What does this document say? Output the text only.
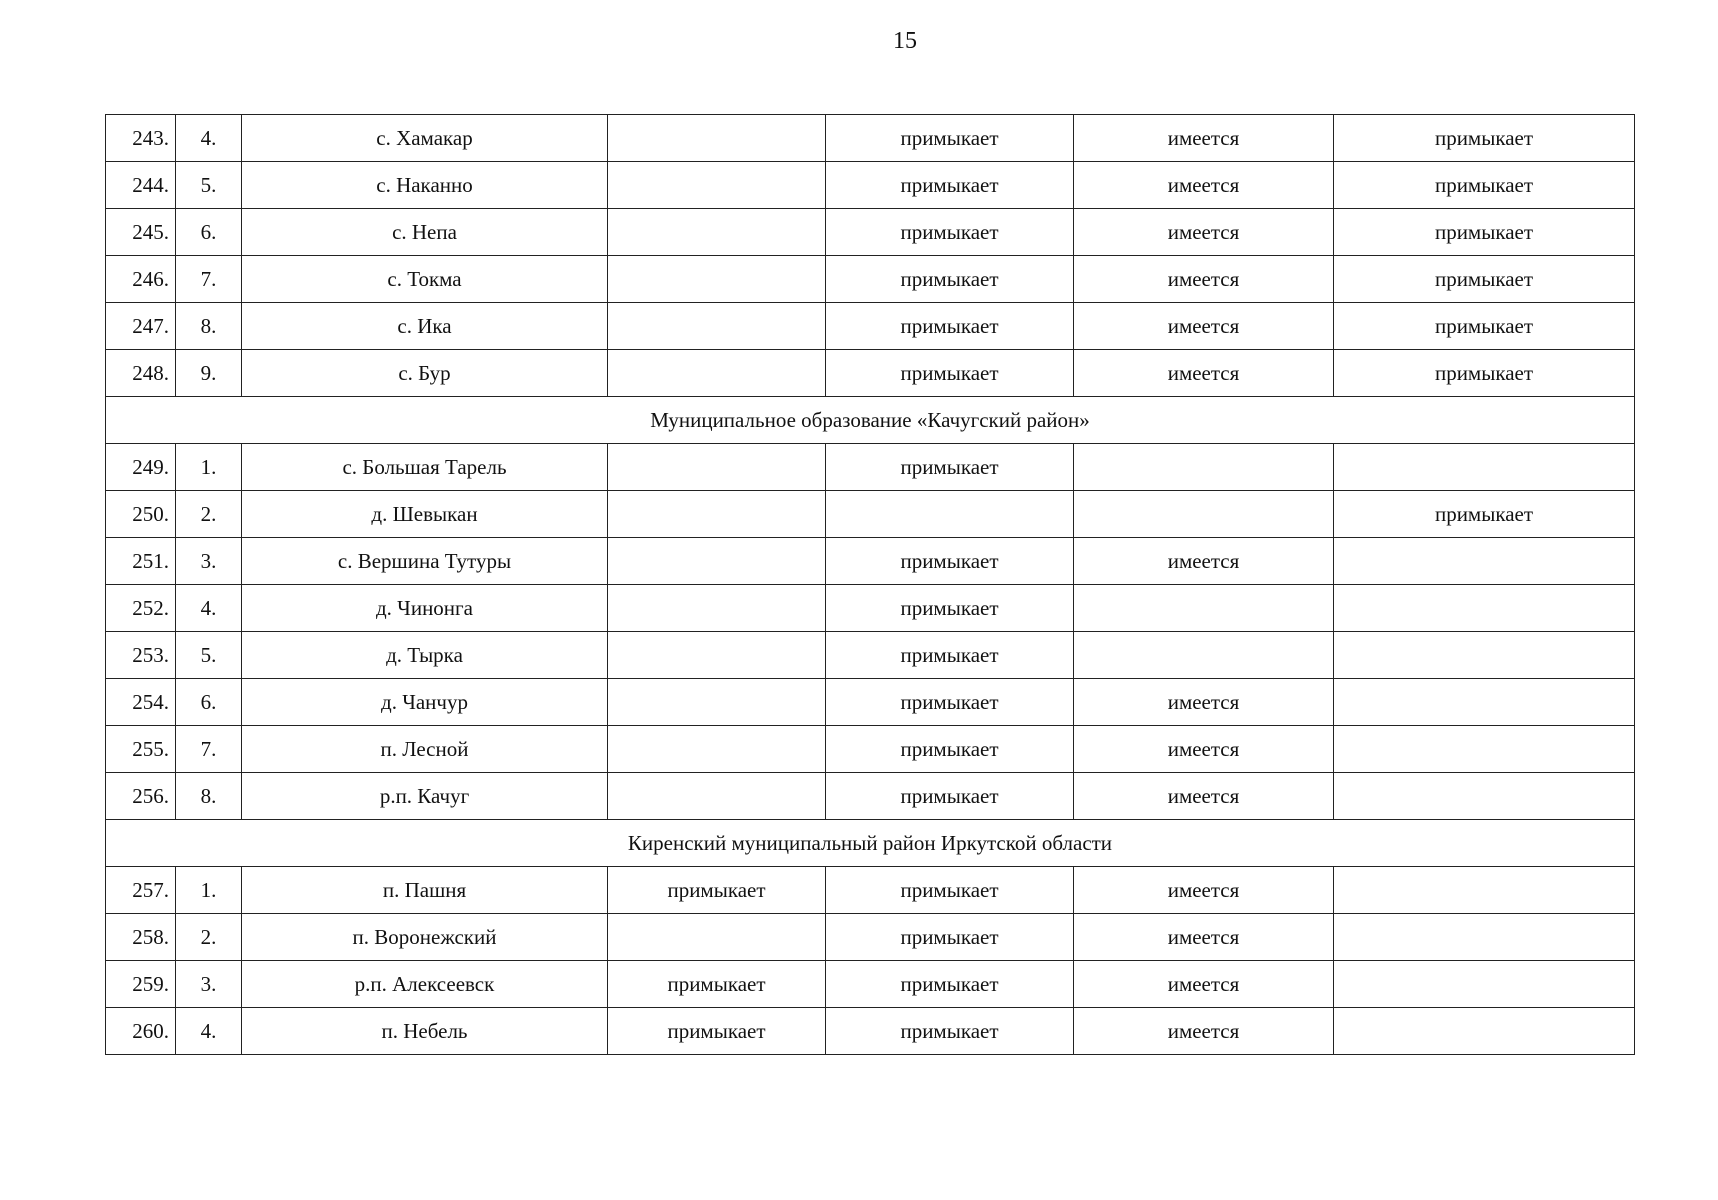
15
243.	4.	с. Хамакар		примыкает	имеется	примыкает
244.	5.	с. Наканно		примыкает	имеется	примыкает
245.	6.	с. Непа		примыкает	имеется	примыкает
246.	7.	с. Токма		примыкает	имеется	примыкает
247.	8.	с. Ика		примыкает	имеется	примыкает
248.	9.	с. Бур		примыкает	имеется	примыкает
Муниципальное образование «Качугский район»						
249.	1.	с. Большая Тарель		примыкает		
250.	2.	д. Шевыкан				примыкает
251.	3.	с. Вершина Тутуры		примыкает	имеется	
252.	4.	д. Чинонга		примыкает		
253.	5.	д. Тырка		примыкает		
254.	6.	д. Чанчур		примыкает	имеется	
255.	7.	п. Лесной		примыкает	имеется	
256.	8.	р.п. Качуг		примыкает	имеется	
Киренский муниципальный район Иркутской области						
257.	1.	п. Пашня	примыкает	примыкает	имеется	
258.	2.	п. Воронежский		примыкает	имеется	
259.	3.	р.п. Алексеевск	примыкает	примыкает	имеется	
260.	4.	п. Небель	примыкает	примыкает	имеется	
